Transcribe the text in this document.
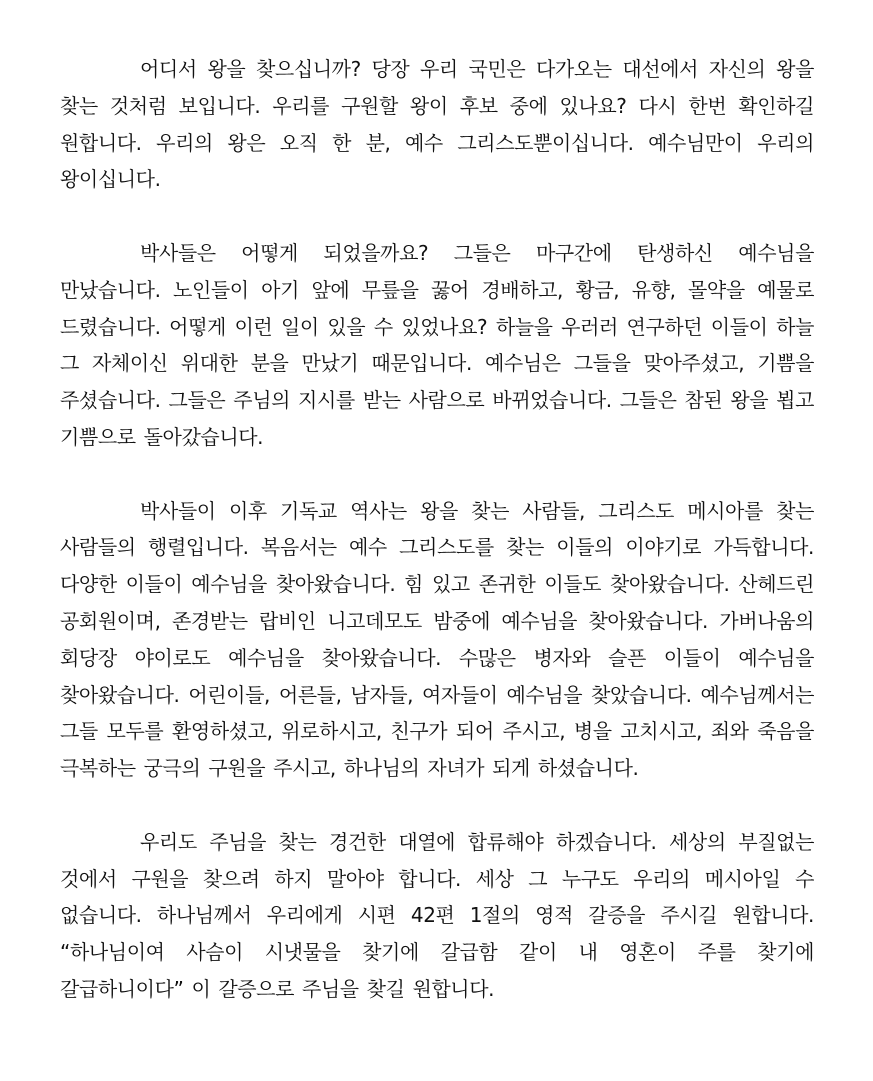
어디서 왕을 찾으십니까? 당장 우리 국민은 다가오는 대선에서 자신의 왕을 찾는 것처럼 보입니다. 우리를 구원할 왕이 후보 중에 있나요? 다시 한번 확인하길 원합니다. 우리의 왕은 오직 한 분, 예수 그리스도뿐이십니다. 예수님만이 우리의 왕이십니다.

박사들은 어떻게 되었을까요? 그들은 마구간에 탄생하신 예수님을 만났습니다. 노인들이 아기 앞에 무릎을 꿇어 경배하고, 황금, 유향, 몰약을 예물로 드렸습니다. 어떻게 이런 일이 있을 수 있었나요? 하늘을 우러러 연구하던 이들이 하늘 그 자체이신 위대한 분을 만났기 때문입니다. 예수님은 그들을 맞아주셨고, 기쁨을 주셨습니다. 그들은 주님의 지시를 받는 사람으로 바뀌었습니다. 그들은 참된 왕을 뵙고 기쁨으로 돌아갔습니다.

박사들이 이후 기독교 역사는 왕을 찾는 사람들, 그리스도 메시아를 찾는 사람들의 행렬입니다. 복음서는 예수 그리스도를 찾는 이들의 이야기로 가득합니다. 다양한 이들이 예수님을 찾아왔습니다. 힘 있고 존귀한 이들도 찾아왔습니다. 산헤드린 공회원이며, 존경받는 랍비인 니고데모도 밤중에 예수님을 찾아왔습니다. 가버나움의 회당장 야이로도 예수님을 찾아왔습니다. 수많은 병자와 슬픈 이들이 예수님을 찾아왔습니다. 어린이들, 어른들, 남자들, 여자들이 예수님을 찾았습니다. 예수님께서는 그들 모두를 환영하셨고, 위로하시고, 친구가 되어 주시고, 병을 고치시고, 죄와 죽음을 극복하는 궁극의 구원을 주시고, 하나님의 자녀가 되게 하셨습니다.

우리도 주님을 찾는 경건한 대열에 합류해야 하겠습니다. 세상의 부질없는 것에서 구원을 찾으려 하지 말아야 합니다. 세상 그 누구도 우리의 메시아일 수 없습니다. 하나님께서 우리에게 시편 42편 1절의 영적 갈증을 주시길 원합니다. “하나님이여 사슴이 시냇물을 찾기에 갈급함 같이 내 영혼이 주를 찾기에 갈급하니이다” 이 갈증으로 주님을 찾길 원합니다.
